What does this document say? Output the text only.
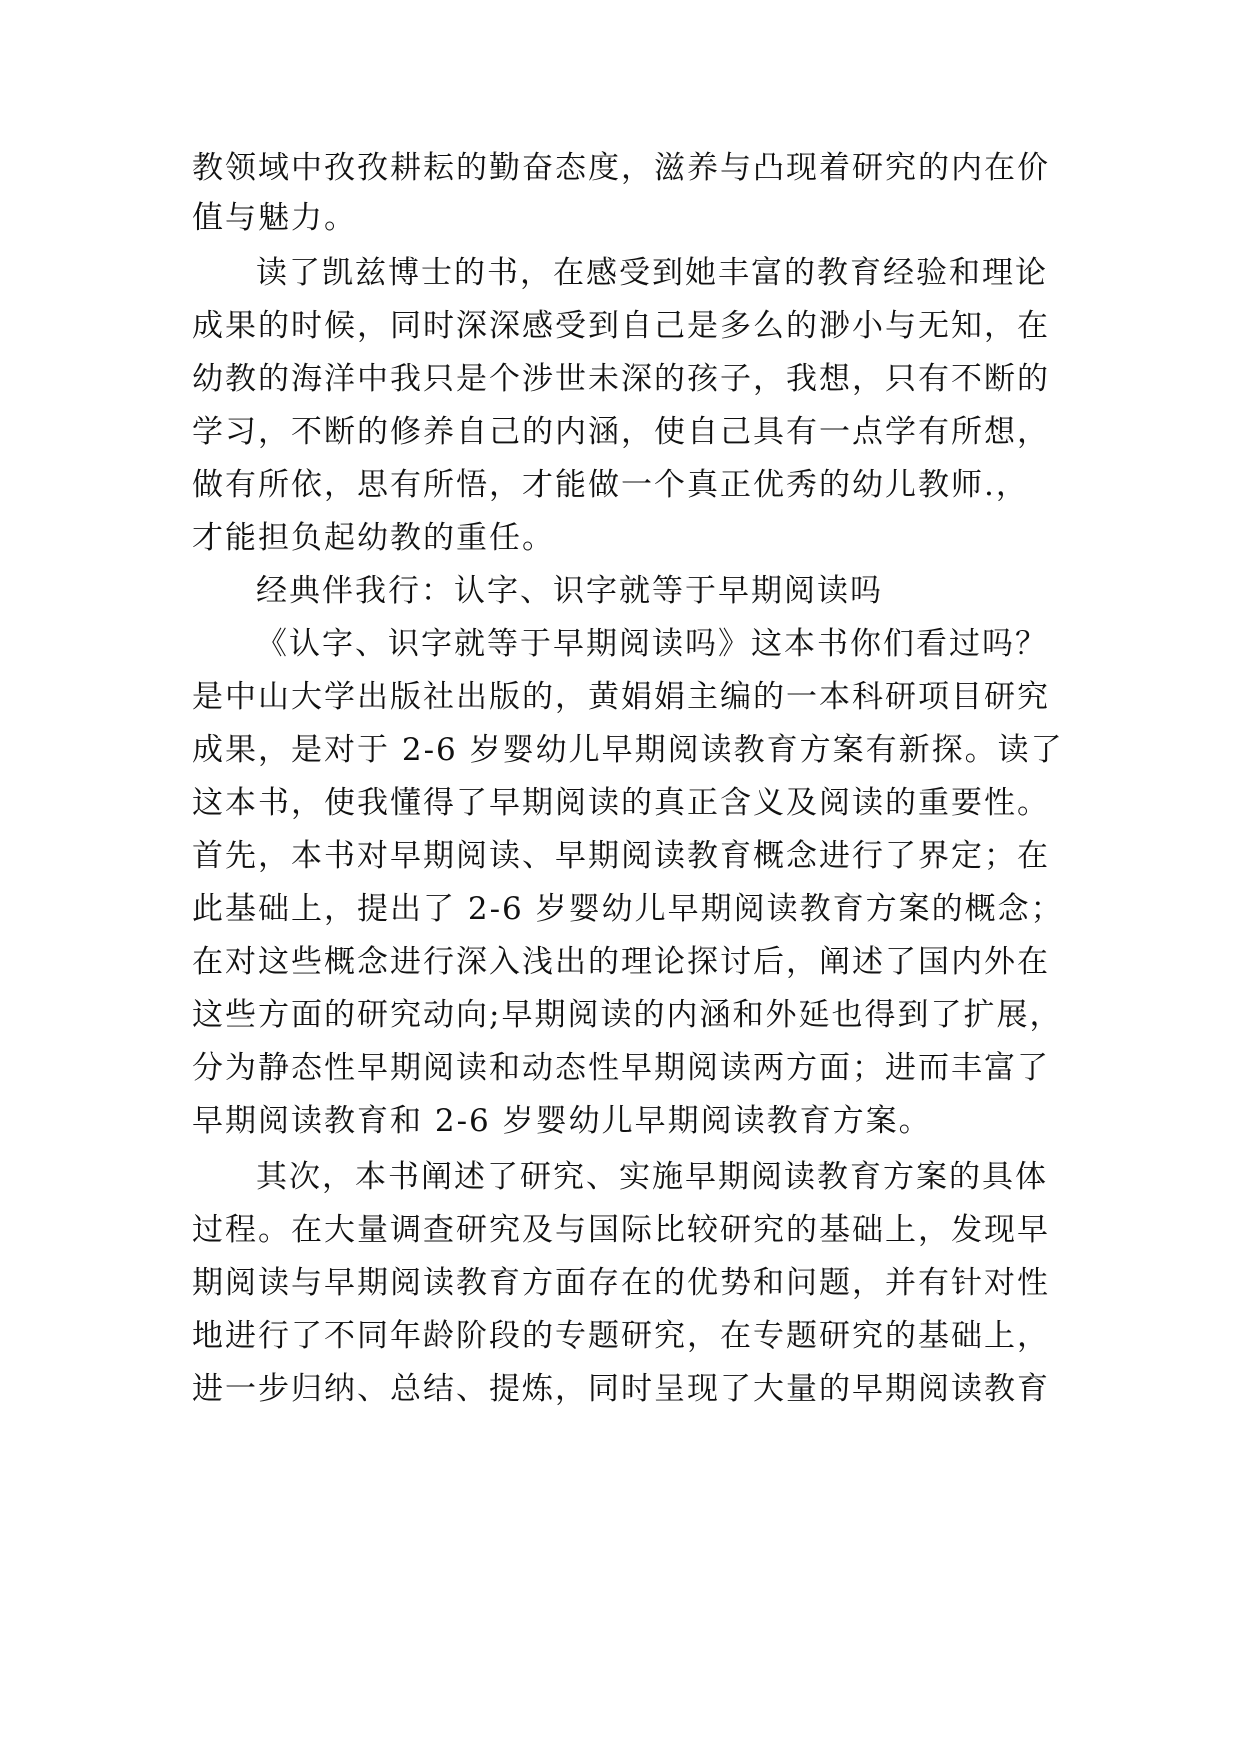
教领域中孜孜耕耘的勤奋态度，滋养与凸现着研究的内在价
值与魅力。
读了凯兹博士的书，在感受到她丰富的教育经验和理论
成果的时候，同时深深感受到自己是多么的渺小与无知，在
幼教的海洋中我只是个涉世未深的孩子，我想，只有不断的
学习，不断的修养自己的内涵，使自己具有一点学有所想，
做有所依，思有所悟，才能做一个真正优秀的幼儿教师.，
才能担负起幼教的重任。
经典伴我行：认字、识字就等于早期阅读吗
《认字、识字就等于早期阅读吗》这本书你们看过吗？
是中山大学出版社出版的，黄娟娟主编的一本科研项目研究
成果，是对于 2-6 岁婴幼儿早期阅读教育方案有新探。读了
这本书，使我懂得了早期阅读的真正含义及阅读的重要性。
首先，本书对早期阅读、早期阅读教育概念进行了界定；在
此基础上，提出了 2-6 岁婴幼儿早期阅读教育方案的概念；
在对这些概念进行深入浅出的理论探讨后，阐述了国内外在
这些方面的研究动向;早期阅读的内涵和外延也得到了扩展，
分为静态性早期阅读和动态性早期阅读两方面；进而丰富了
早期阅读教育和 2-6 岁婴幼儿早期阅读教育方案。
其次，本书阐述了研究、实施早期阅读教育方案的具体
过程。在大量调查研究及与国际比较研究的基础上，发现早
期阅读与早期阅读教育方面存在的优势和问题，并有针对性
地进行了不同年龄阶段的专题研究，在专题研究的基础上，
进一步归纳、总结、提炼，同时呈现了大量的早期阅读教育
